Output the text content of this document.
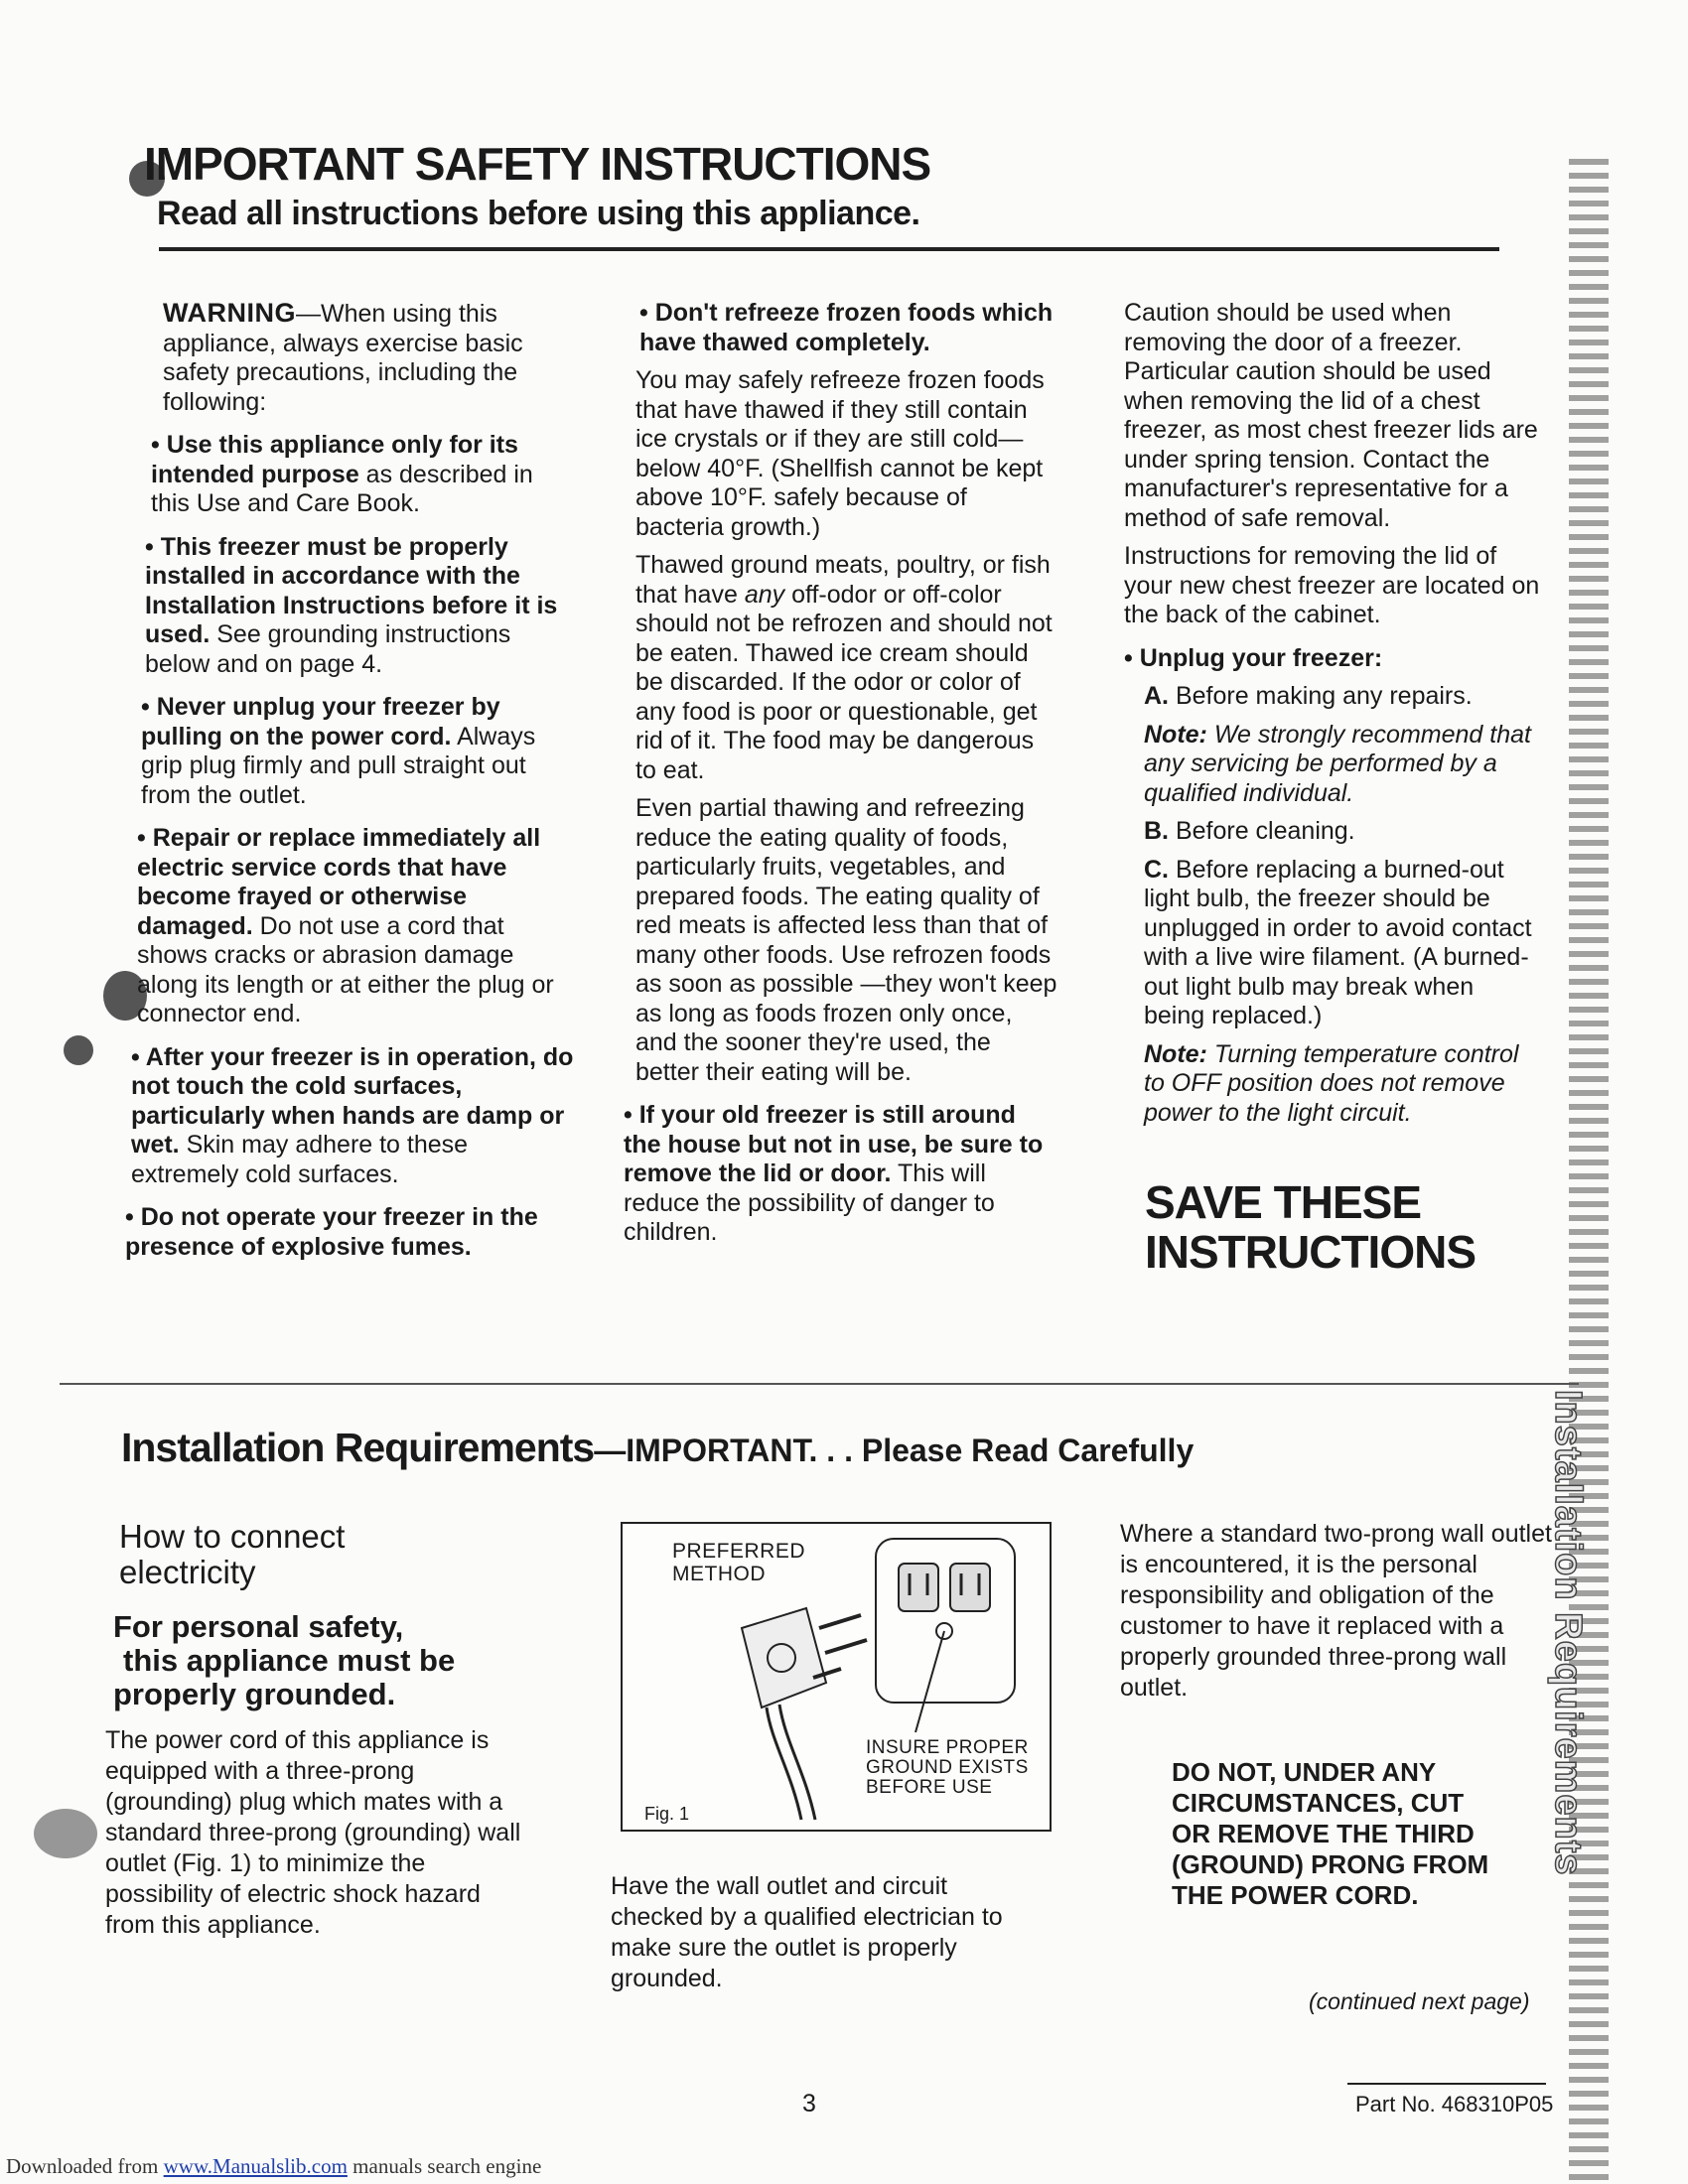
IMPORTANT SAFETY INSTRUCTIONS
Read all instructions before using this appliance.

WARNING—When using this appliance, always exercise basic safety precautions, including the following:

• Use this appliance only for its intended purpose as described in this Use and Care Book.

• This freezer must be properly installed in accordance with the Installation Instructions before it is used. See grounding instructions below and on page 4.

• Never unplug your freezer by pulling on the power cord. Always grip plug firmly and pull straight out from the outlet.

• Repair or replace immediately all electric service cords that have become frayed or otherwise damaged. Do not use a cord that shows cracks or abrasion damage along its length or at either the plug or connector end.

• After your freezer is in operation, do not touch the cold surfaces, particularly when hands are damp or wet. Skin may adhere to these extremely cold surfaces.

• Do not operate your freezer in the presence of explosive fumes.

• Don't refreeze frozen foods which have thawed completely.

You may safely refreeze frozen foods that have thawed if they still contain ice crystals or if they are still cold—below 40°F. (Shellfish cannot be kept above 10°F. safely because of bacteria growth.)

Thawed ground meats, poultry, or fish that have any off-odor or off-color should not be refrozen and should not be eaten. Thawed ice cream should be discarded. If the odor or color of any food is poor or questionable, get rid of it. The food may be dangerous to eat.

Even partial thawing and refreezing reduce the eating quality of foods, particularly fruits, vegetables, and prepared foods. The eating quality of red meats is affected less than that of many other foods. Use refrozen foods as soon as possible —they won't keep as long as foods frozen only once, and the sooner they're used, the better their eating will be.

• If your old freezer is still around the house but not in use, be sure to remove the lid or door. This will reduce the possibility of danger to children.

Caution should be used when removing the door of a freezer. Particular caution should be used when removing the lid of a chest freezer, as most chest freezer lids are under spring tension. Contact the manufacturer's representative for a method of safe removal.

Instructions for removing the lid of your new chest freezer are located on the back of the cabinet.

• Unplug your freezer:

A. Before making any repairs.

Note: We strongly recommend that any servicing be performed by a qualified individual.

B. Before cleaning.

C. Before replacing a burned-out light bulb, the freezer should be unplugged in order to avoid contact with a live wire filament. (A burned-out light bulb may break when being replaced.)

Note: Turning temperature control to OFF position does not remove power to the light circuit.

SAVE THESE
INSTRUCTIONS
Installation Requirements—IMPORTANT. . . Please Read Carefully
How to connect
electricity
For personal safety,
this appliance must be
properly grounded.

The power cord of this appliance is equipped with a three-prong (grounding) plug which mates with a standard three-prong (grounding) wall outlet (Fig. 1) to minimize the possibility of electric shock hazard from this appliance.

PREFERRED
METHOD
INSURE PROPER
GROUND EXISTS
BEFORE USE
Fig. 1

Have the wall outlet and circuit checked by a qualified electrician to make sure the outlet is properly grounded.

Where a standard two-prong wall outlet is encountered, it is the personal responsibility and obligation of the customer to have it replaced with a properly grounded three-prong wall outlet.

DO NOT, UNDER ANY
CIRCUMSTANCES, CUT
OR REMOVE THE THIRD
(GROUND) PRONG FROM
THE POWER CORD.
(continued next page)
Installation Requirements
3	Part No. 468310P05
Downloaded from www.Manualslib.com manuals search engine
